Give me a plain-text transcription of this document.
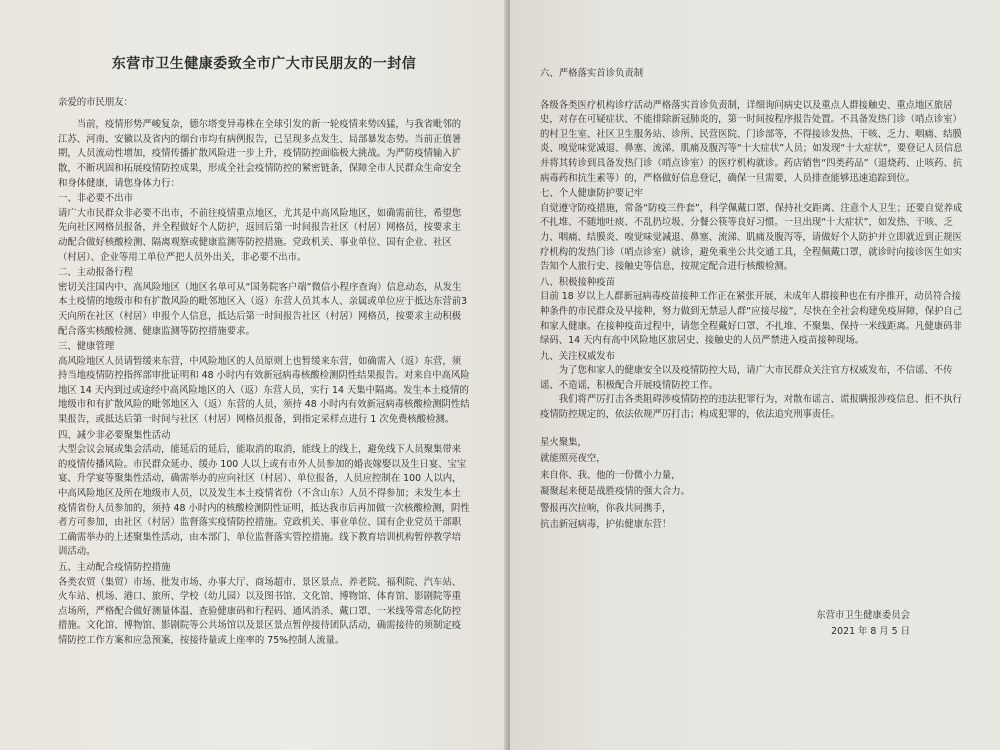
东营市卫生健康委致全市广大市民朋友的一封信

亲爱的市民朋友：

当前，疫情形势严峻复杂，德尔塔变异毒株在全球引发的新一轮疫情来势凶猛，与我省毗邻的江苏、河南、安徽以及省内的烟台市均有病例报告，已呈现多点发生、局部暴发态势。当前正值暑期，人员流动性增加，疫情传播扩散风险进一步上升，疫情防控面临极大挑战。为严防疫情输入扩散，不断巩固和拓展疫情防控成果，形成全社会疫情防控的紧密链条，保障全市人民群众生命安全和身体健康，请您身体力行：

一、非必要不出市

请广大市民群众非必要不出市，不前往疫情重点地区，尤其是中高风险地区，如确需前往，希望您先向社区网格员报备，并全程做好个人防护，返回后第一时间报告社区（村居）网格员，按要求主动配合做好核酸检测、隔离观察或健康监测等防控措施。党政机关、事业单位、国有企业、社区（村居）、企业等用工单位严把人员外出关，非必要不出市。

二、主动报备行程

密切关注国内中、高风险地区（地区名单可从“国务院客户端”微信小程序查询）信息动态，从发生本土疫情的地级市和有扩散风险的毗邻地区入（返）东营人员其本人、亲属或单位应于抵达东营前3天向所在社区（村居）申报个人信息，抵达后第一时间报告社区（村居）网格员，按要求主动积极配合落实核酸检测、健康监测等防控措施要求。

三、健康管理

高风险地区人员请暂缓来东营，中风险地区的人员原则上也暂缓来东营，如确需入（返）东营，须持当地疫情防控指挥部审批证明和 48 小时内有效新冠病毒核酸检测阴性结果报告。对来自中高风险地区 14 天内到过或途经中高风险地区的入（返）东营人员，实行 14 天集中隔离。发生本土疫情的地级市和有扩散风险的毗邻地区入（返）东营的人员，须持 48 小时内有效新冠病毒核酸检测阴性结果报告，或抵达后第一时间与社区（村居）网格员报备，到指定采样点进行 1 次免费核酸检测。

四、减少非必要聚集性活动

大型会议会展或集会活动，能延后的延后，能取消的取消，能线上的线上，避免线下人员聚集带来的疫情传播风险。市民群众延办、缓办 100 人以上或有市外人员参加的婚丧嫁娶以及生日宴、宝宝宴、升学宴等聚集性活动，确需举办的应向社区（村居）、单位报备，人员应控制在 100 人以内，中高风险地区及所在地级市人员，以及发生本土疫情省份（不含山东）人员不得参加；未发生本土疫情省份人员参加的，须持 48 小时内的核酸检测阴性证明，抵达我市后再加做一次核酸检测，阴性者方可参加，由社区（村居）监督落实疫情防控措施。党政机关、事业单位、国有企业党员干部职工确需举办的上述聚集性活动，由本部门、单位监督落实管控措施。线下教育培训机构暂停教学培训活动。

五、主动配合疫情防控措施

各类农贸（集贸）市场、批发市场、办事大厅、商场超市、景区景点、养老院、福利院、汽车站、火车站、机场、港口、旅所、学校（幼儿园）以及图书馆、文化馆、博物馆、体育馆、影剧院等重点场所，严格配合做好测量体温、查验健康码和行程码、通风消杀、戴口罩、一米线等常态化防控措施。文化馆、博物馆、影剧院等公共场馆以及景区景点暂停接待团队活动，确需接待的须制定疫情防控工作方案和应急预案，按接待量或上座率的 75%控制人流量。

六、严格落实首诊负责制

各级各类医疗机构诊疗活动严格落实首诊负责制，详细询问病史以及重点人群接触史、重点地区旅居史，对存在可疑症状、不能排除新冠肺炎的，第一时间按程序报告处置。不具备发热门诊（哨点诊室）的村卫生室、社区卫生服务站、诊所、民营医院、门诊部等，不得接诊发热、干咳、乏力、咽痛、结膜炎、嗅觉味觉减退、鼻塞、流涕、肌痛及腹泻等“十大症状”人员；如发现“十大症状”，要登记人员信息并将其转诊到具备发热门诊（哨点诊室）的医疗机构就诊。药店销售“四类药品”（退烧药、止咳药、抗病毒药和抗生素等）的，严格做好信息登记，确保一旦需要，人员排查能够迅速追踪到位。

七、个人健康防护要记牢

自觉遵守防疫措施，常备“防疫三件套”，科学佩戴口罩、保持社交距离、注意个人卫生；还要自觉养成不扎堆、不随地吐痰、不乱扔垃圾、分餐公筷等良好习惯。一旦出现“十大症状”，如发热、干咳、乏力、咽痛、结膜炎、嗅觉味觉减退、鼻塞、流涕、肌痛及腹泻等，请做好个人防护并立即就近到正规医疗机构的发热门诊（哨点诊室）就诊，避免乘坐公共交通工具，全程佩戴口罩，就诊时向接诊医生如实告知个人旅行史、接触史等信息，按规定配合进行核酸检测。

八、积极接种疫苗

目前 18 岁以上人群新冠病毒疫苗接种工作正在紧张开展，未成年人群接种也在有序推开，动员符合接种条件的市民群众及早接种，努力做到无禁忌人群“应接尽接”，尽快在全社会构建免疫屏障，保护自己和家人健康。在接种疫苗过程中，请您全程戴好口罩、不扎堆、不聚集、保持一米线距离。凡健康码非绿码、14 天内有高中风险地区旅居史、接触史的人员严禁进入疫苗接种现场。

九、关注权威发布

为了您和家人的健康安全以及疫情防控大局，请广大市民群众关注官方权威发布，不信谣、不传谣、不造谣，积极配合开展疫情防控工作。

我们将严厉打击各类阻碍涉疫情防控的违法犯罪行为，对散布谣言、谎报瞒报涉疫信息、拒不执行疫情防控规定的，依法依规严厉打击；构成犯罪的，依法追究刑事责任。

星火聚集，

就能照亮夜空，

来自你、我、他的一份微小力量，

凝聚起来便是战胜疫情的强大合力。

警报再次拉响，你我共同携手，

抗击新冠病毒，护佑健康东营！

东营市卫生健康委员会

2021 年 8 月 5 日
